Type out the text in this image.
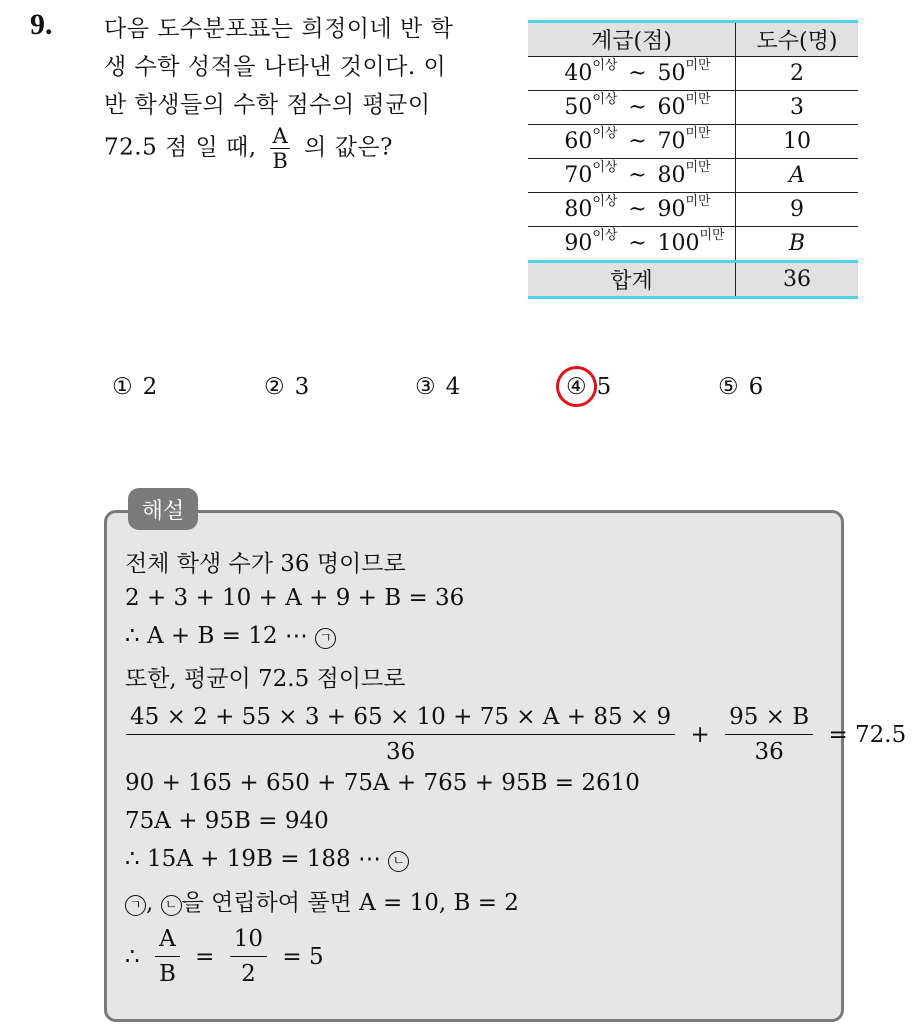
9. 다음 도수분포표는 희정이네 반 학
생 수학 성적을 나타낸 것이다. 이
반 학생들의 수학 점수의 평균이
72.5 점 일 때, $\frac{A}{B}$ 의 값은?
계급(점)	도수(명)
$40^{이상}$ ~ $50^{미만}$	2
$50^{이상}$ ~ $60^{미만}$	3
$60^{이상}$ ~ $70^{미만}$	10
$70^{이상}$ ~ $80^{미만}$	A
$80^{이상}$ ~ $90^{미만}$	9
$90^{이상}$ ~ $100^{미만}$	B
합계	36
① 2	② 3	③ 4	④ 5	⑤ 6
해설
전체 학생 수가 36 명이므로
2 + 3 + 10 + A + 9 + B = 36
∴ A + B = 12 ⋯ ㄱ
또한, 평균이 72.5 점이므로
$\frac{45 \times 2 + 55 \times 3 + 65 \times 10 + 75 \times A + 85 \times 9}{36} + \frac{95 \times B}{36} = 72.5$
90 + 165 + 650 + 75A + 765 + 95B = 2610
75A + 95B = 940
∴ 15A + 19B = 188 ⋯ ㄴ
ㄱ , ㄴ 을 연립하여 풀면 A = 10, B = 2
∴ $\frac{A}{B} = \frac{10}{2} = 5$
